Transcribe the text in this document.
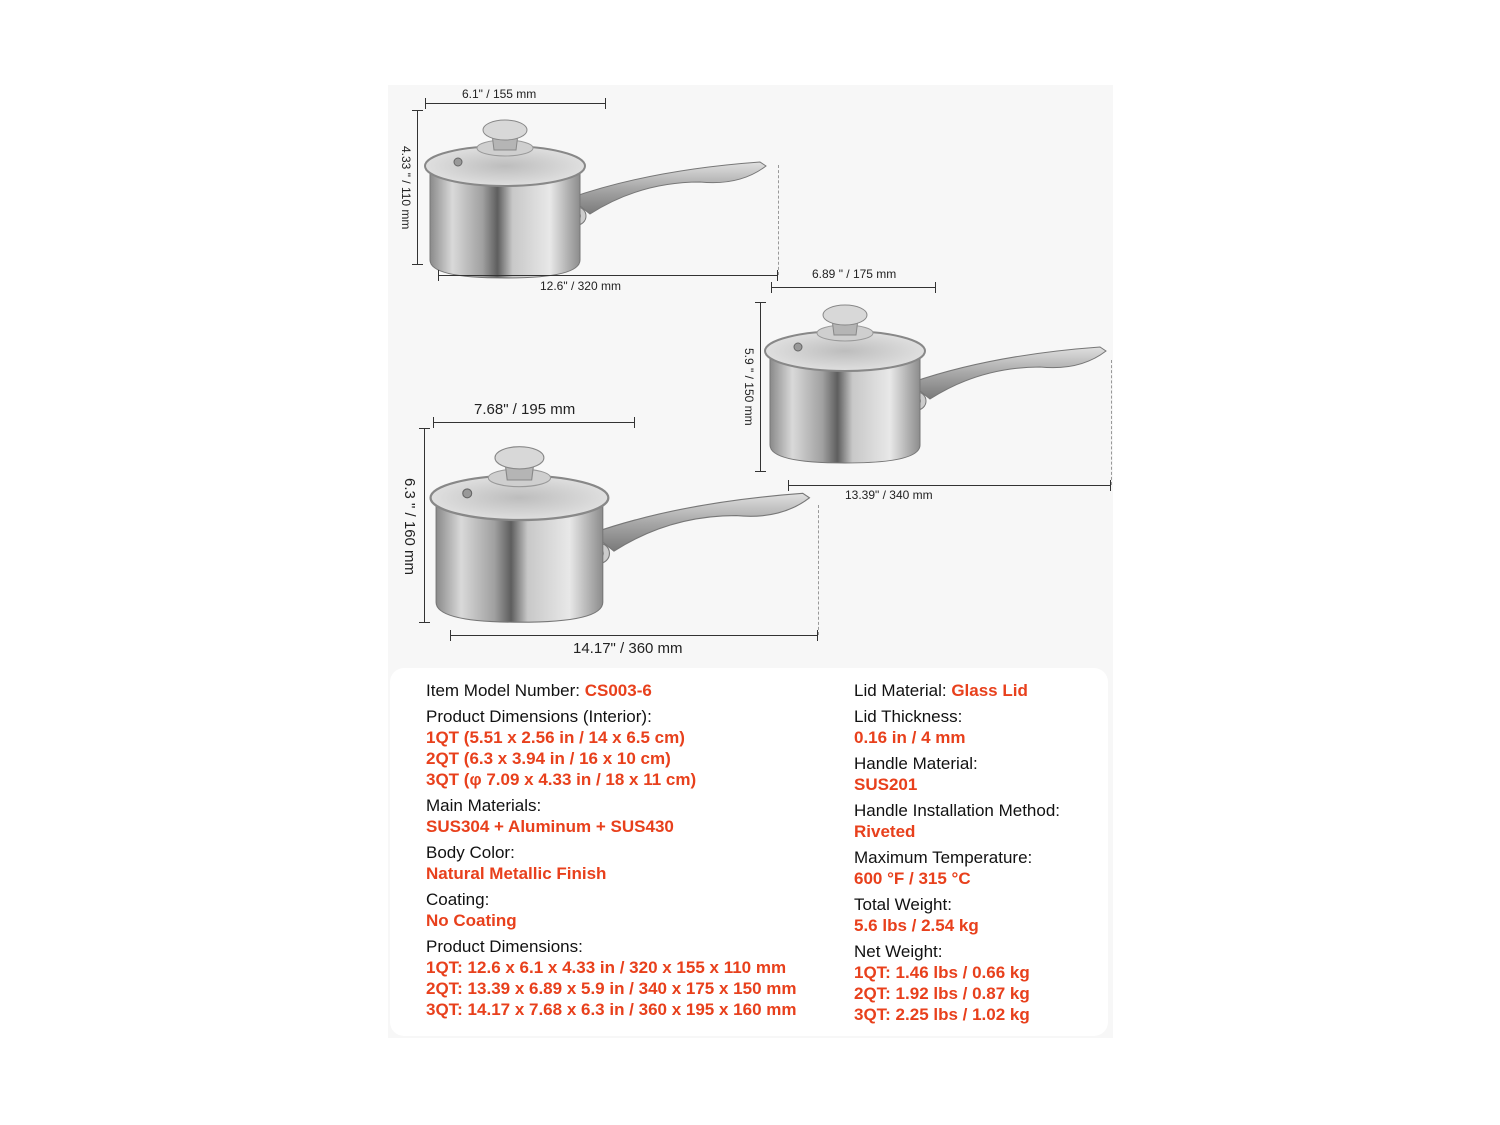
6.1" / 155 mm
4.33 " / 110 mm
12.6" / 320 mm
6.89 " / 175 mm
5.9 " / 150 mm
13.39" / 340 mm
7.68" / 195 mm
6.3 " / 160 mm
14.17" / 360 mm
Item Model Number: CS003-6
Product Dimensions (Interior):
1QT (5.51 x 2.56 in / 14 x 6.5 cm)
2QT (6.3 x 3.94 in / 16 x 10 cm)
3QT (φ 7.09 x 4.33 in / 18 x 11 cm)
Main Materials:
SUS304 + Aluminum + SUS430
Body Color:
Natural Metallic Finish
Coating:
No Coating
Product Dimensions:
1QT: 12.6 x 6.1 x 4.33 in / 320 x 155 x 110 mm
2QT: 13.39 x 6.89 x 5.9 in / 340 x 175 x 150 mm
3QT: 14.17 x 7.68 x 6.3 in / 360 x 195 x 160 mm
Lid Material: Glass Lid
Lid Thickness:
0.16 in / 4 mm
Handle Material:
SUS201
Handle Installation Method:
Riveted
Maximum Temperature:
600 °F / 315 °C
Total Weight:
5.6 lbs / 2.54 kg
Net Weight:
1QT: 1.46 lbs / 0.66 kg
2QT: 1.92 lbs / 0.87 kg
3QT: 2.25 lbs / 1.02 kg
